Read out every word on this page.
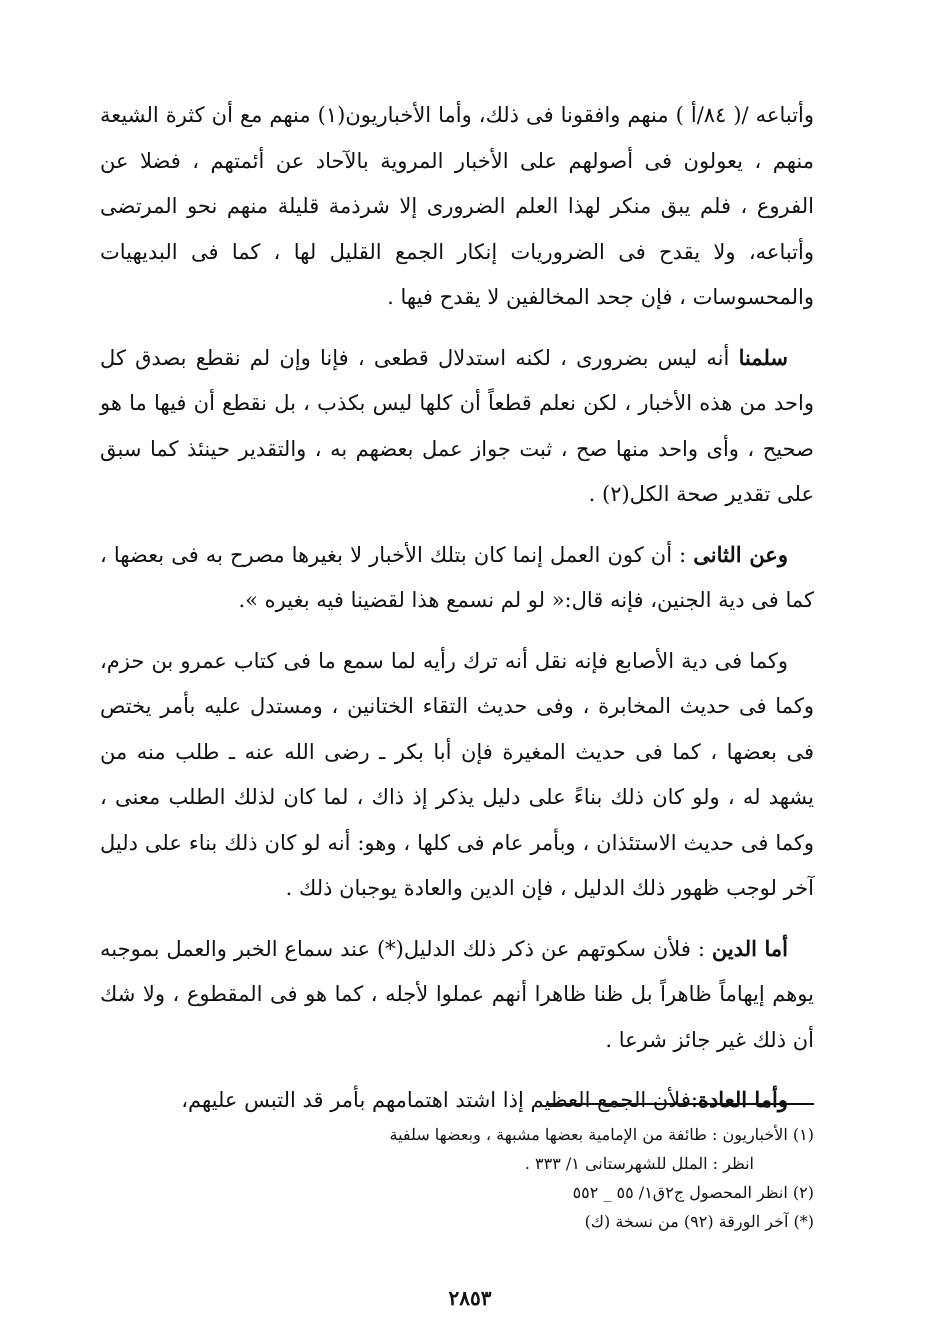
وأتباعه /( ٨٤/أ ) منهم وافقونا فى ذلك، وأما الأخباريون(١) منهم مع أن كثرة الشيعة منهم ، يعولون فى أصولهم على الأخبار المروية بالآحاد عن أئمتهم ، فضلا عن الفروع ، فلم يبق منكر لهذا العلم الضرورى إلا شرذمة قليلة منهم نحو المرتضى وأتباعه، ولا يقدح فى الضروريات إنكار الجمع القليل لها ، كما فى البديهيات والمحسوسات ، فإن جحد المخالفين لا يقدح فيها .

سلمنا أنه ليس بضرورى ، لكنه استدلال قطعى ، فإنا وإن لم نقطع بصدق كل واحد من هذه الأخبار ، لكن نعلم قطعاً أن كلها ليس بكذب ، بل نقطع أن فيها ما هو صحيح ، وأى واحد منها صح ، ثبت جواز عمل بعضهم به ، والتقدير حينئذ كما سبق على تقدير صحة الكل(٢) .

وعن الثانى : أن كون العمل إنما كان بتلك الأخبار لا بغيرها مصرح به فى بعضها ، كما فى دية الجنين، فإنه قال:« لو لم نسمع هذا لقضينا فيه بغيره ».

وكما فى دية الأصابع فإنه نقل أنه ترك رأيه لما سمع ما فى كتاب عمرو بن حزم، وكما فى حديث المخابرة ، وفى حديث التقاء الختانين ، ومستدل عليه بأمر يختص فى بعضها ، كما فى حديث المغيرة فإن أبا بكر ـ رضى الله عنه ـ طلب منه من يشهد له ، ولو كان ذلك بناءً على دليل يذكر إذ ذاك ، لما كان لذلك الطلب معنى ، وكما فى حديث الاستئذان ، وبأمر عام فى كلها ، وهو: أنه لو كان ذلك بناء على دليل آخر لوجب ظهور ذلك الدليل ، فإن الدين والعادة يوجبان ذلك .

أما الدين : فلأن سكوتهم عن ذكر ذلك الدليل(*) عند سماع الخبر والعمل بموجبه يوهم إيهاماً ظاهراً بل ظنا ظاهرا أنهم عملوا لأجله ، كما هو فى المقطوع ، ولا شك أن ذلك غير جائز شرعا .

وأما العادة:فلأن الجمع العظيم إذا اشتد اهتمامهم بأمر قد التبس عليهم،

(١) الأخباريون : طائفة من الإمامية بعضها مشبهة ، وبعضها سلفية

انظر : الملل للشهرستانى ١/ ٣٣٣ .

(٢) انظر المحصول ج٢ق١/ ٥٥ _ ٥٥٢

(*) آخر الورقة (٩٢) من نسخة (ك)

٢٨٥٣
